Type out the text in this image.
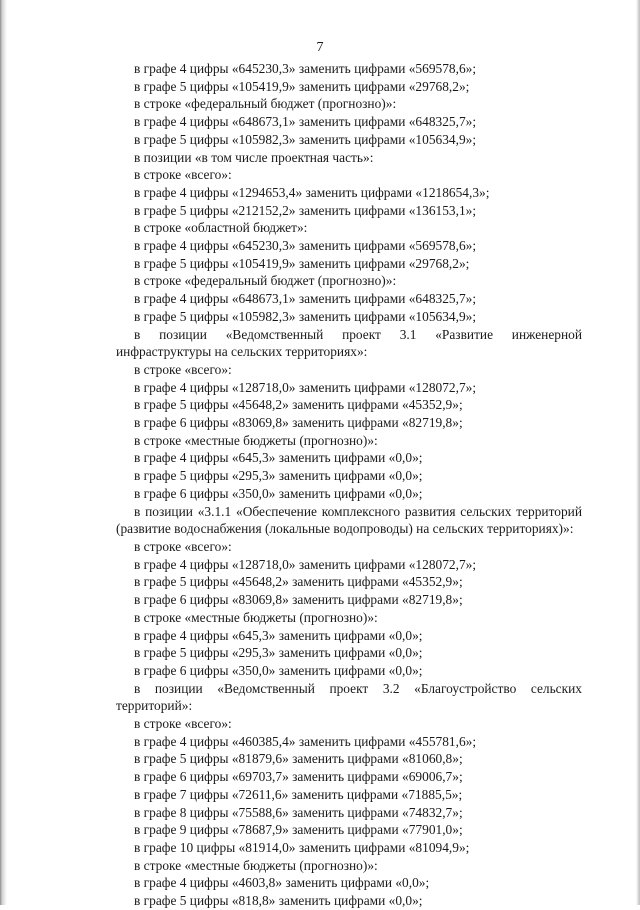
7
в графе 4 цифры «645230,3» заменить цифрами «569578,6»;
в графе 5 цифры «105419,9» заменить цифрами «29768,2»;
в строке «федеральный бюджет (прогнозно)»:
в графе 4 цифры «648673,1» заменить цифрами «648325,7»;
в графе 5 цифры «105982,3» заменить цифрами «105634,9»;
в позиции «в том числе проектная часть»:
в строке «всего»:
в графе 4 цифры «1294653,4» заменить цифрами «1218654,3»;
в графе 5 цифры «212152,2» заменить цифрами «136153,1»;
в строке «областной бюджет»:
в графе 4 цифры «645230,3» заменить цифрами «569578,6»;
в графе 5 цифры «105419,9» заменить цифрами «29768,2»;
в строке «федеральный бюджет (прогнозно)»:
в графе 4 цифры «648673,1» заменить цифрами «648325,7»;
в графе 5 цифры «105982,3» заменить цифрами «105634,9»;
в позиции «Ведомственный проект 3.1 «Развитие инженерной инфраструктуры на сельских территориях»:
в строке «всего»:
в графе 4 цифры «128718,0» заменить цифрами «128072,7»;
в графе 5 цифры «45648,2» заменить цифрами «45352,9»;
в графе 6 цифры «83069,8» заменить цифрами «82719,8»;
в строке «местные бюджеты (прогнозно)»:
в графе 4 цифры «645,3» заменить цифрами «0,0»;
в графе 5 цифры «295,3» заменить цифрами «0,0»;
в графе 6 цифры «350,0» заменить цифрами «0,0»;
в позиции «3.1.1 «Обеспечение комплексного развития сельских территорий (развитие водоснабжения (локальные водопроводы) на сельских территориях)»:
в строке «всего»:
в графе 4 цифры «128718,0» заменить цифрами «128072,7»;
в графе 5 цифры «45648,2» заменить цифрами «45352,9»;
в графе 6 цифры «83069,8» заменить цифрами «82719,8»;
в строке «местные бюджеты (прогнозно)»:
в графе 4 цифры «645,3» заменить цифрами «0,0»;
в графе 5 цифры «295,3» заменить цифрами «0,0»;
в графе 6 цифры «350,0» заменить цифрами «0,0»;
в позиции «Ведомственный проект 3.2 «Благоустройство сельских территорий»:
в строке «всего»:
в графе 4 цифры «460385,4» заменить цифрами «455781,6»;
в графе 5 цифры «81879,6» заменить цифрами «81060,8»;
в графе 6 цифры «69703,7» заменить цифрами «69006,7»;
в графе 7 цифры «72611,6» заменить цифрами «71885,5»;
в графе 8 цифры «75588,6» заменить цифрами «74832,7»;
в графе 9 цифры «78687,9» заменить цифрами «77901,0»;
в графе 10 цифры «81914,0» заменить цифрами «81094,9»;
в строке «местные бюджеты (прогнозно)»:
в графе 4 цифры «4603,8» заменить цифрами «0,0»;
в графе 5 цифры «818,8» заменить цифрами «0,0»;
